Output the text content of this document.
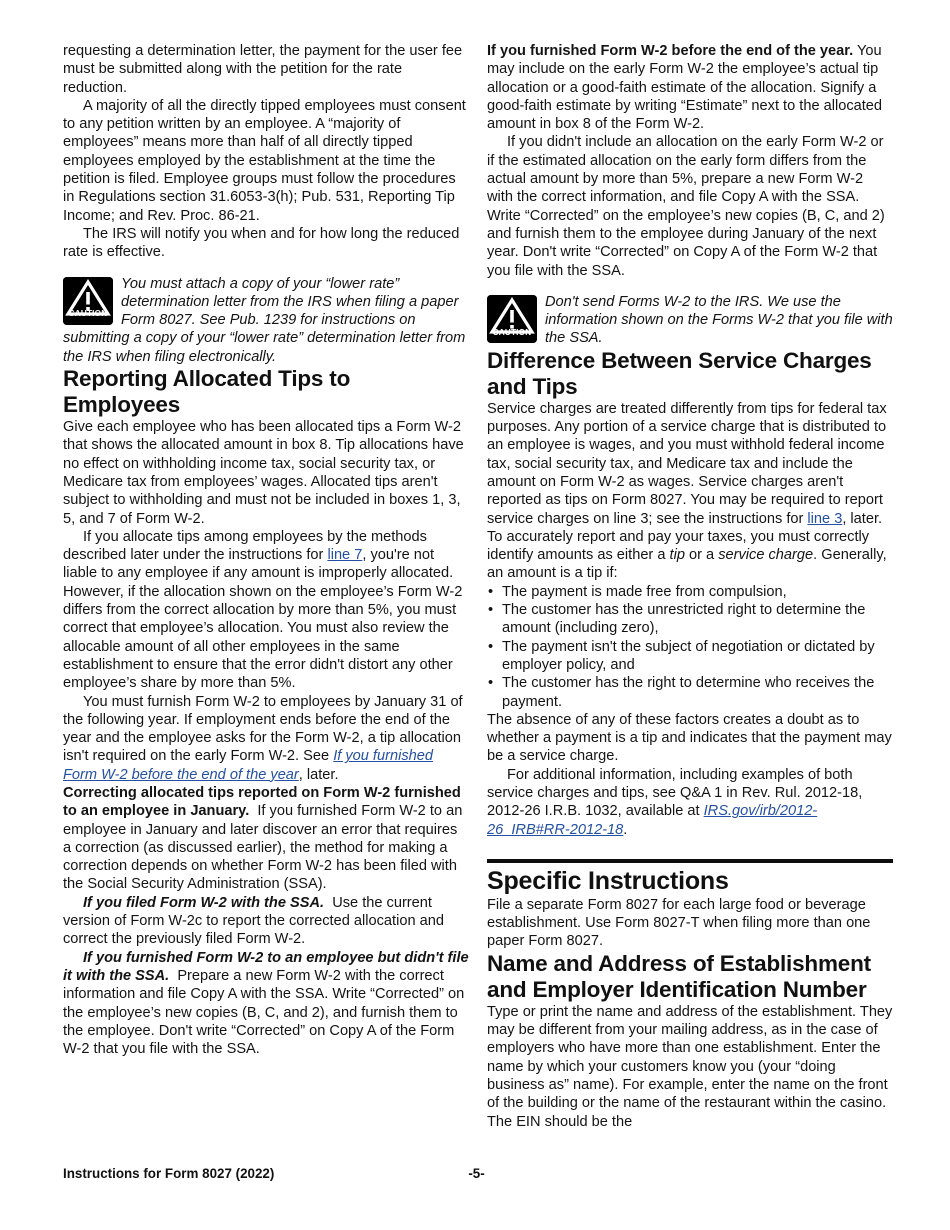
requesting a determination letter, the payment for the user fee must be submitted along with the petition for the rate reduction.

A majority of all the directly tipped employees must consent to any petition written by an employee. A “majority of employees” means more than half of all directly tipped employees employed by the establishment at the time the petition is filed. Employee groups must follow the procedures in Regulations section 31.6053-3(h); Pub. 531, Reporting Tip Income; and Rev. Proc. 86-21.

The IRS will notify you when and for how long the reduced rate is effective.

CAUTION
You must attach a copy of your “lower rate” determination letter from the IRS when filing a paper Form 8027. See Pub. 1239 for instructions on submitting a copy of your “lower rate” determination letter from the IRS when filing electronically.
Reporting Allocated Tips to Employees

Give each employee who has been allocated tips a Form W-2 that shows the allocated amount in box 8. Tip allocations have no effect on withholding income tax, social security tax, or Medicare tax from employees’ wages. Allocated tips aren't subject to withholding and must not be included in boxes 1, 3, 5, and 7 of Form W-2.

If you allocate tips among employees by the methods described later under the instructions for line 7, you're not liable to any employee if any amount is improperly allocated. However, if the allocation shown on the employee’s Form W-2 differs from the correct allocation by more than 5%, you must correct that employee’s allocation. You must also review the allocable amount of all other employees in the same establishment to ensure that the error didn't distort any other employee’s share by more than 5%.

You must furnish Form W-2 to employees by January 31 of the following year. If employment ends before the end of the year and the employee asks for the Form W-2, a tip allocation isn't required on the early Form W-2. See If you furnished Form W-2 before the end of the year, later.

Correcting allocated tips reported on Form W-2 furnished to an employee in January. If you furnished Form W-2 to an employee in January and later discover an error that requires a correction (as discussed earlier), the method for making a correction depends on whether Form W-2 has been filed with the Social Security Administration (SSA).

If you filed Form W-2 with the SSA. Use the current version of Form W-2c to report the corrected allocation and correct the previously filed Form W-2.

If you furnished Form W-2 to an employee but didn't file it with the SSA. Prepare a new Form W-2 with the correct information and file Copy A with the SSA. Write “Corrected” on the employee’s new copies (B, C, and 2), and furnish them to the employee. Don't write “Corrected” on Copy A of the Form W-2 that you file with the SSA.

If you furnished Form W-2 before the end of the year. You may include on the early Form W-2 the employee’s actual tip allocation or a good-faith estimate of the allocation. Signify a good-faith estimate by writing “Estimate” next to the allocated amount in box 8 of the Form W-2.

If you didn't include an allocation on the early Form W-2 or if the estimated allocation on the early form differs from the actual amount by more than 5%, prepare a new Form W-2 with the correct information, and file Copy A with the SSA. Write “Corrected” on the employee’s new copies (B, C, and 2) and furnish them to the employee during January of the next year. Don't write “Corrected” on Copy A of the Form W-2 that you file with the SSA.

CAUTION
Don't send Forms W-2 to the IRS. We use the information shown on the Forms W-2 that you file with the SSA.
Difference Between Service Charges and Tips

Service charges are treated differently from tips for federal tax purposes. Any portion of a service charge that is distributed to an employee is wages, and you must withhold federal income tax, social security tax, and Medicare tax and include the amount on Form W-2 as wages. Service charges aren't reported as tips on Form 8027. You may be required to report service charges on line 3; see the instructions for line 3, later. To accurately report and pay your taxes, you must correctly identify amounts as either a tip or a service charge. Generally, an amount is a tip if:

• The payment is made free from compulsion,
• The customer has the unrestricted right to determine the amount (including zero),
• The payment isn't the subject of negotiation or dictated by employer policy, and
• The customer has the right to determine who receives the payment.

The absence of any of these factors creates a doubt as to whether a payment is a tip and indicates that the payment may be a service charge.

For additional information, including examples of both service charges and tips, see Q&A 1 in Rev. Rul. 2012-18, 2012-26 I.R.B. 1032, available at IRS.gov/irb/2012-26_IRB#RR-2012-18.

Specific Instructions

File a separate Form 8027 for each large food or beverage establishment. Use Form 8027-T when filing more than one paper Form 8027.

Name and Address of Establishment and Employer Identification Number

Type or print the name and address of the establishment. They may be different from your mailing address, as in the case of employers who have more than one establishment. Enter the name by which your customers know you (your “doing business as” name). For example, enter the name on the front of the building or the name of the restaurant within the casino. The EIN should be the

Instructions for Form 8027 (2022)	-5-
